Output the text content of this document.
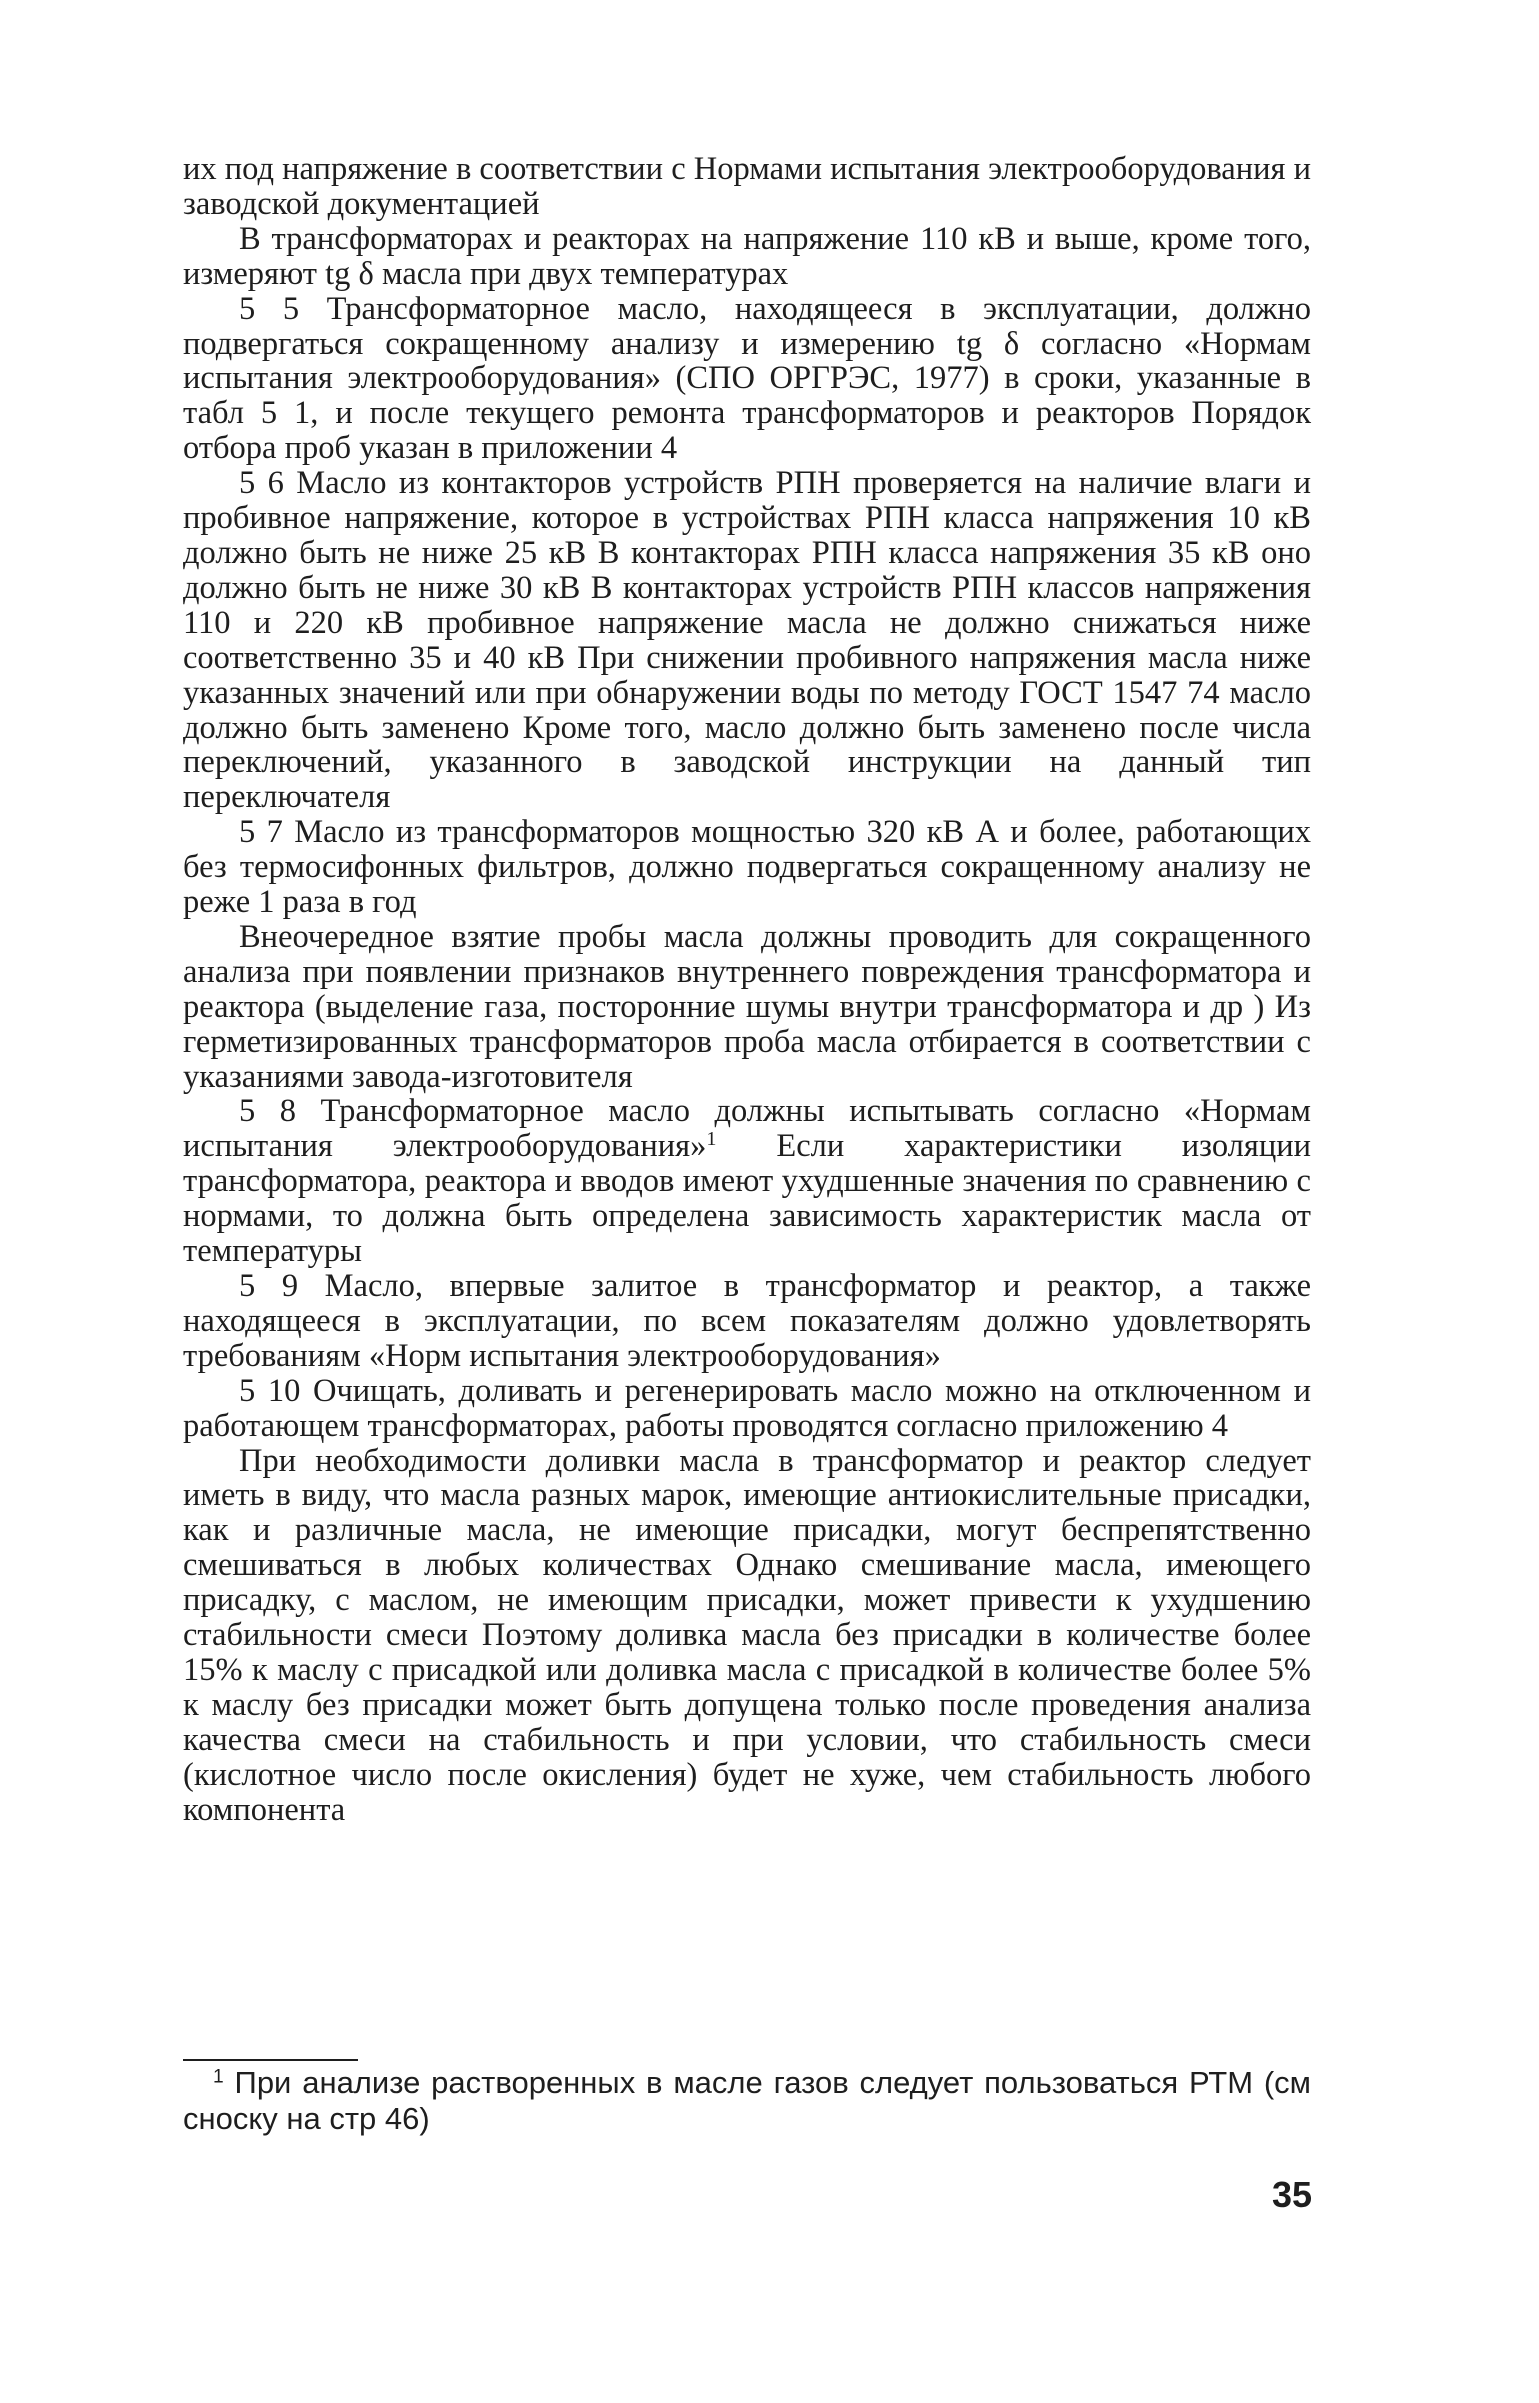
их под напряжение в соответствии с Нормами испытания электрооборудования и заводской документацией

В трансформаторах и реакторах на напряжение 110 кВ и выше, кроме того, измеряют tg δ масла при двух температурах

5 5 Трансформаторное масло, находящееся в эксплуатации, должно подвергаться сокращенному анализу и измерению tg δ согласно «Нормам испытания электрооборудования» (СПО ОРГРЭС, 1977) в сроки, указанные в табл 5 1, и после текущего ремонта трансформаторов и реакторов Порядок отбора проб указан в приложении 4

5 6 Масло из контакторов устройств РПН проверяется на наличие влаги и пробивное напряжение, которое в устройствах РПН класса напряжения 10 кВ должно быть не ниже 25 кВ В контакторах РПН класса напряжения 35 кВ оно должно быть не ниже 30 кВ В контакторах устройств РПН классов напряжения 110 и 220 кВ пробивное напряжение масла не должно снижаться ниже соответственно 35 и 40 кВ При снижении пробивного напряжения масла ниже указанных значений или при обнаружении воды по методу ГОСТ 1547 74 масло должно быть заменено Кроме того, масло должно быть заменено после числа переключений, указанного в заводской инструкции на данный тип переключателя

5 7 Масло из трансформаторов мощностью 320 кВ А и более, работающих без термосифонных фильтров, должно подвергаться сокращенному анализу не реже 1 раза в год

Внеочередное взятие пробы масла должны проводить для сокращенного анализа при появлении признаков внутреннего повреждения трансформатора и реактора (выделение газа, посторонние шумы внутри трансформатора и др ) Из герметизированных трансформаторов проба масла отбирается в соответствии с указаниями завода-изготовителя

5 8 Трансформаторное масло должны испытывать согласно «Нормам испытания электрооборудования»$^1$ Если характеристики изоляции трансформатора, реактора и вводов имеют ухудшенные значения по сравнению с нормами, то должна быть определена зависимость характеристик масла от температуры

5 9 Масло, впервые залитое в трансформатор и реактор, а также находящееся в эксплуатации, по всем показателям должно удовлетворять требованиям «Норм испытания электрооборудования»

5 10 Очищать, доливать и регенерировать масло можно на отключенном и работающем трансформаторах, работы проводятся согласно приложению 4

При необходимости доливки масла в трансформатор и реактор следует иметь в виду, что масла разных марок, имеющие антиокислительные присадки, как и различные масла, не имеющие присадки, могут беспрепятственно смешиваться в любых количествах Однако смешивание масла, имеющего присадку, с маслом, не имеющим присадки, может привести к ухудшению стабильности смеси Поэтому доливка масла без присадки в количестве более 15% к маслу с присадкой или доливка масла с присадкой в количестве более 5% к маслу без присадки может быть допущена только после проведения анализа качества смеси на стабильность и при условии, что стабильность смеси (кислотное число после окисления) будет не хуже, чем стабильность любого компонента

$^1$ При анализе растворенных в масле газов следует пользоваться РТМ (см сноску на стр 46)

35
